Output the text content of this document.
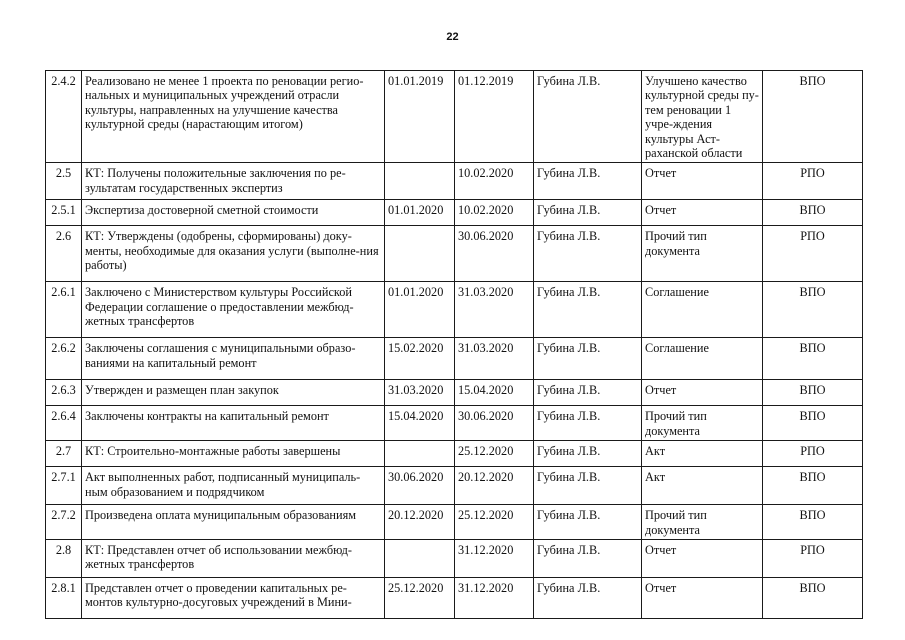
22
2.4.2	Реализовано не менее 1 проекта по реновации регио-нальных и муниципальных учреждений отрасли культуры, направленных на улучшение качества культурной среды (нарастающим итогом)	01.01.2019	01.12.2019	Губина Л.В.	Улучшено качество культурной среды пу-тем реновации 1 учре-ждения культуры Аст-раханской области	ВПО
2.5	КТ: Получены положительные заключения по ре-зультатам государственных экспертиз		10.02.2020	Губина Л.В.	Отчет	РПО
2.5.1	Экспертиза достоверной сметной стоимости	01.01.2020	10.02.2020	Губина Л.В.	Отчет	ВПО
2.6	КТ: Утверждены (одобрены, сформированы) доку-менты, необходимые для оказания услуги (выполне-ния работы)		30.06.2020	Губина Л.В.	Прочий тип документа	РПО
2.6.1	Заключено с Министерством культуры Российской Федерации соглашение о предоставлении межбюд-жетных трансфертов	01.01.2020	31.03.2020	Губина Л.В.	Соглашение	ВПО
2.6.2	Заключены соглашения с муниципальными образо-ваниями на капитальный ремонт	15.02.2020	31.03.2020	Губина Л.В.	Соглашение	ВПО
2.6.3	Утвержден и размещен план закупок	31.03.2020	15.04.2020	Губина Л.В.	Отчет	ВПО
2.6.4	Заключены контракты на капитальный ремонт	15.04.2020	30.06.2020	Губина Л.В.	Прочий тип документа	ВПО
2.7	КТ: Строительно-монтажные работы завершены		25.12.2020	Губина Л.В.	Акт	РПО
2.7.1	Акт выполненных работ, подписанный муниципаль-ным образованием и подрядчиком	30.06.2020	20.12.2020	Губина Л.В.	Акт	ВПО
2.7.2	Произведена оплата муниципальным образованиям	20.12.2020	25.12.2020	Губина Л.В.	Прочий тип документа	ВПО
2.8	КТ: Представлен отчет об использовании межбюд-жетных трансфертов		31.12.2020	Губина Л.В.	Отчет	РПО
2.8.1	Представлен отчет о проведении капитальных ре-монтов культурно-досуговых учреждений в Мини-	25.12.2020	31.12.2020	Губина Л.В.	Отчет	ВПО
